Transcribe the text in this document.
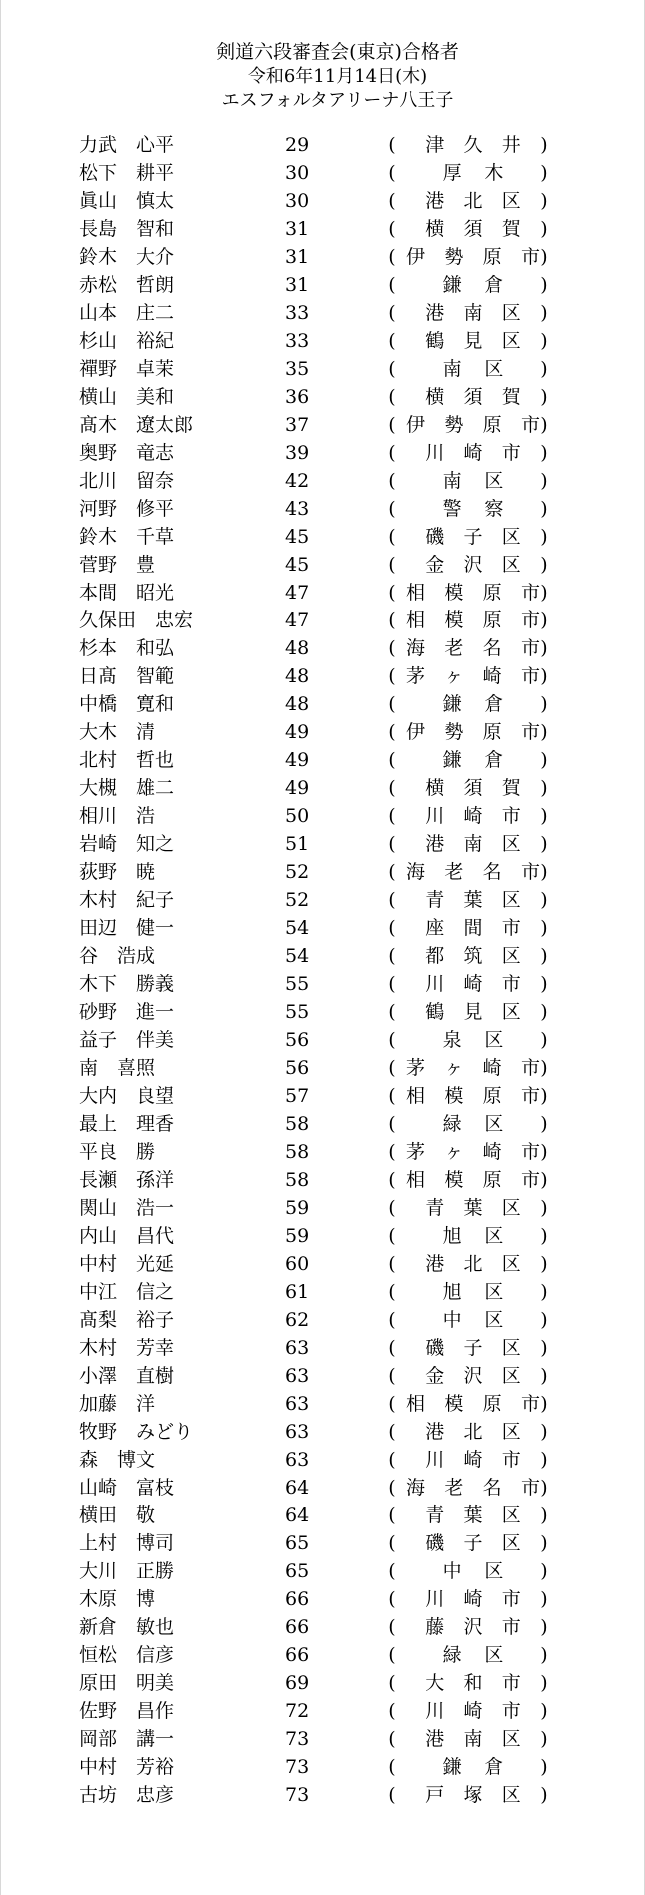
剣道六段審査会(東京)合格者
令和6年11月14日(木)
エスフォルタアリーナ八王子
力武　心平	29	( 津 久 井 )
松下　耕平	30	( 厚 木 )
眞山　慎太	30	( 港 北 区 )
長島　智和	31	( 横 須 賀 )
鈴木　大介	31	( 伊 勢 原 市 )
赤松　哲朗	31	( 鎌 倉 )
山本　庄二	33	( 港 南 区 )
杉山　裕紀	33	( 鶴 見 区 )
禪野　卓茉	35	( 南 区 )
横山　美和	36	( 横 須 賀 )
髙木　遼太郎	37	( 伊 勢 原 市 )
奥野　竜志	39	( 川 崎 市 )
北川　留奈	42	( 南 区 )
河野　修平	43	( 警 察 )
鈴木　千草	45	( 磯 子 区 )
菅野　豊	45	( 金 沢 区 )
本間　昭光	47	( 相 模 原 市 )
久保田　忠宏	47	( 相 模 原 市 )
杉本　和弘	48	( 海 老 名 市 )
日髙　智範	48	( 茅 ヶ 崎 市 )
中橋　寛和	48	( 鎌 倉 )
大木　清	49	( 伊 勢 原 市 )
北村　哲也	49	( 鎌 倉 )
大槻　雄二	49	( 横 須 賀 )
相川　浩	50	( 川 崎 市 )
岩崎　知之	51	( 港 南 区 )
荻野　暁	52	( 海 老 名 市 )
木村　紀子	52	( 青 葉 区 )
田辺　健一	54	( 座 間 市 )
谷　浩成	54	( 都 筑 区 )
木下　勝義	55	( 川 崎 市 )
砂野　進一	55	( 鶴 見 区 )
益子　伴美	56	( 泉 区 )
南　喜照	56	( 茅 ヶ 崎 市 )
大内　良望	57	( 相 模 原 市 )
最上　理香	58	( 緑 区 )
平良　勝	58	( 茅 ヶ 崎 市 )
長瀬　孫洋	58	( 相 模 原 市 )
関山　浩一	59	( 青 葉 区 )
内山　昌代	59	( 旭 区 )
中村　光延	60	( 港 北 区 )
中江　信之	61	( 旭 区 )
髙梨　裕子	62	( 中 区 )
木村　芳幸	63	( 磯 子 区 )
小澤　直樹	63	( 金 沢 区 )
加藤　洋	63	( 相 模 原 市 )
牧野　みどり	63	( 港 北 区 )
森　博文	63	( 川 崎 市 )
山崎　富枝	64	( 海 老 名 市 )
横田　敬	64	( 青 葉 区 )
上村　博司	65	( 磯 子 区 )
大川　正勝	65	( 中 区 )
木原　博	66	( 川 崎 市 )
新倉　敏也	66	( 藤 沢 市 )
恒松　信彦	66	( 緑 区 )
原田　明美	69	( 大 和 市 )
佐野　昌作	72	( 川 崎 市 )
岡部　講一	73	( 港 南 区 )
中村　芳裕	73	( 鎌 倉 )
古坊　忠彦	73	( 戸 塚 区 )
